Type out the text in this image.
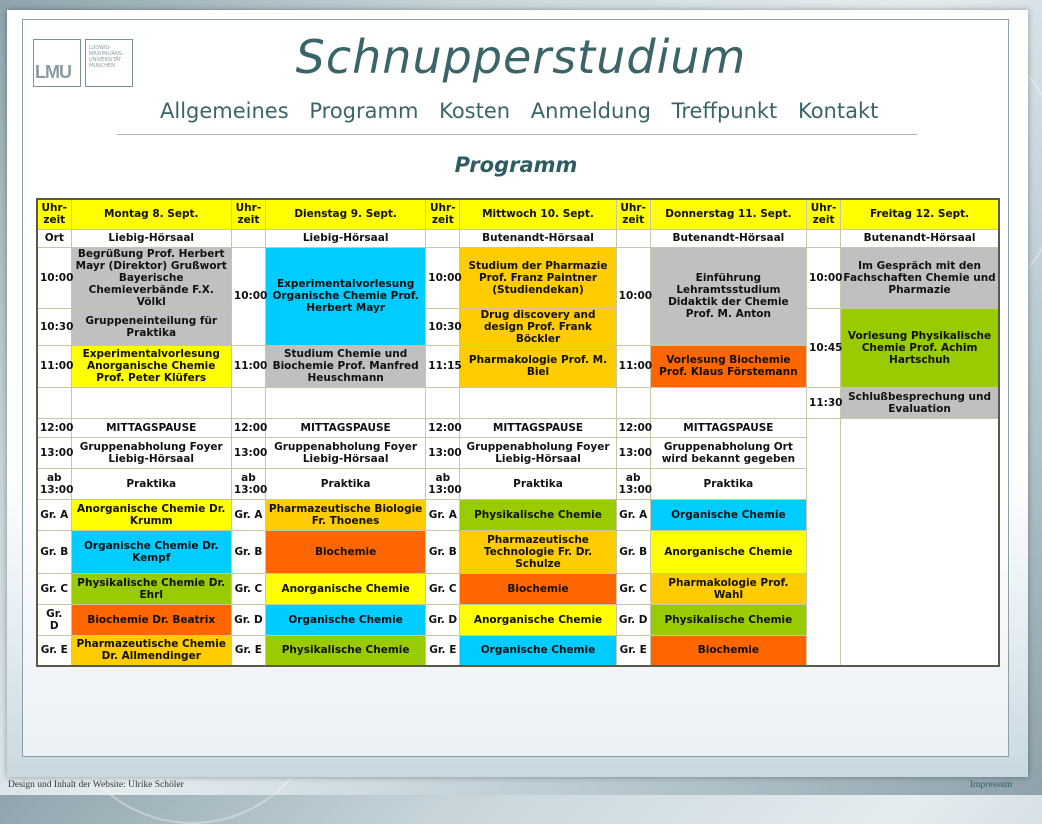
LMU
LUDWIG-MAXIMILIANS-UNIVERSITÄT MÜNCHEN	Schnupperstudium
Allgemeines Programm Kosten Anmeldung Treffpunkt Kontakt
Programm
Uhr-zeit	Montag 8. Sept.	Uhr-zeit	Dienstag 9. Sept.	Uhr-zeit	Mittwoch 10. Sept.	Uhr-zeit	Donnerstag 11. Sept.	Uhr-zeit	Freitag 12. Sept.
Ort	Liebig-Hörsaal		Liebig-Hörsaal		Butenandt-Hörsaal		Butenandt-Hörsaal		Butenandt-Hörsaal
10:00	Begrüßung Prof. Herbert Mayr (Direktor) Grußwort Bayerische Chemieverbände F.X. Völkl	10:00	Experimentalvorlesung Organische Chemie Prof. Herbert Mayr	10:00	Studium der Pharmazie Prof. Franz Paintner (Studiendekan)	10:00	Einführung Lehramtsstudium Didaktik der Chemie Prof. M. Anton	10:00	Im Gespräch mit den Fachschaften Chemie und Pharmazie
10:30	Gruppeneinteilung für Praktika			10:30	Drug discovery and design Prof. Frank Böckler			10:45	Vorlesung Physikalische Chemie Prof. Achim Hartschuh
11:00	Experimentalvorlesung Anorganische Chemie Prof. Peter Klüfers	11:00	Studium Chemie und Biochemie Prof. Manfred Heuschmann	11:15	Pharmakologie Prof. M. Biel	11:00	Vorlesung Biochemie Prof. Klaus Förstemann		
								11:30	Schlußbesprechung und Evaluation
12:00	MITTAGSPAUSE	12:00	MITTAGSPAUSE	12:00	MITTAGSPAUSE	12:00	MITTAGSPAUSE		
13:00	Gruppenabholung Foyer Liebig-Hörsaal	13:00	Gruppenabholung Foyer Liebig-Hörsaal	13:00	Gruppenabholung Foyer Liebig-Hörsaal	13:00	Gruppenabholung Ort wird bekannt gegeben		
ab 13:00	Praktika	ab 13:00	Praktika	ab 13:00	Praktika	ab 13:00	Praktika		
Gr. A	Anorganische Chemie Dr. Krumm	Gr. A	Pharmazeutische Biologie Fr. Thoenes	Gr. A	Physikalische Chemie	Gr. A	Organische Chemie		
Gr. B	Organische Chemie Dr. Kempf	Gr. B	Biochemie	Gr. B	Pharmazeutische Technologie Fr. Dr. Schulze	Gr. B	Anorganische Chemie		
Gr. C	Physikalische Chemie Dr. Ehrl	Gr. C	Anorganische Chemie	Gr. C	Biochemie	Gr. C	Pharmakologie Prof. Wahl		
Gr. D	Biochemie Dr. Beatrix	Gr. D	Organische Chemie	Gr. D	Anorganische Chemie	Gr. D	Physikalische Chemie		
Gr. E	Pharmazeutische Chemie Dr. Allmendinger	Gr. E	Physikalische Chemie	Gr. E	Organische Chemie	Gr. E	Biochemie		
Design und Inhalt der Website: Ulrike Schöler	Impressum
